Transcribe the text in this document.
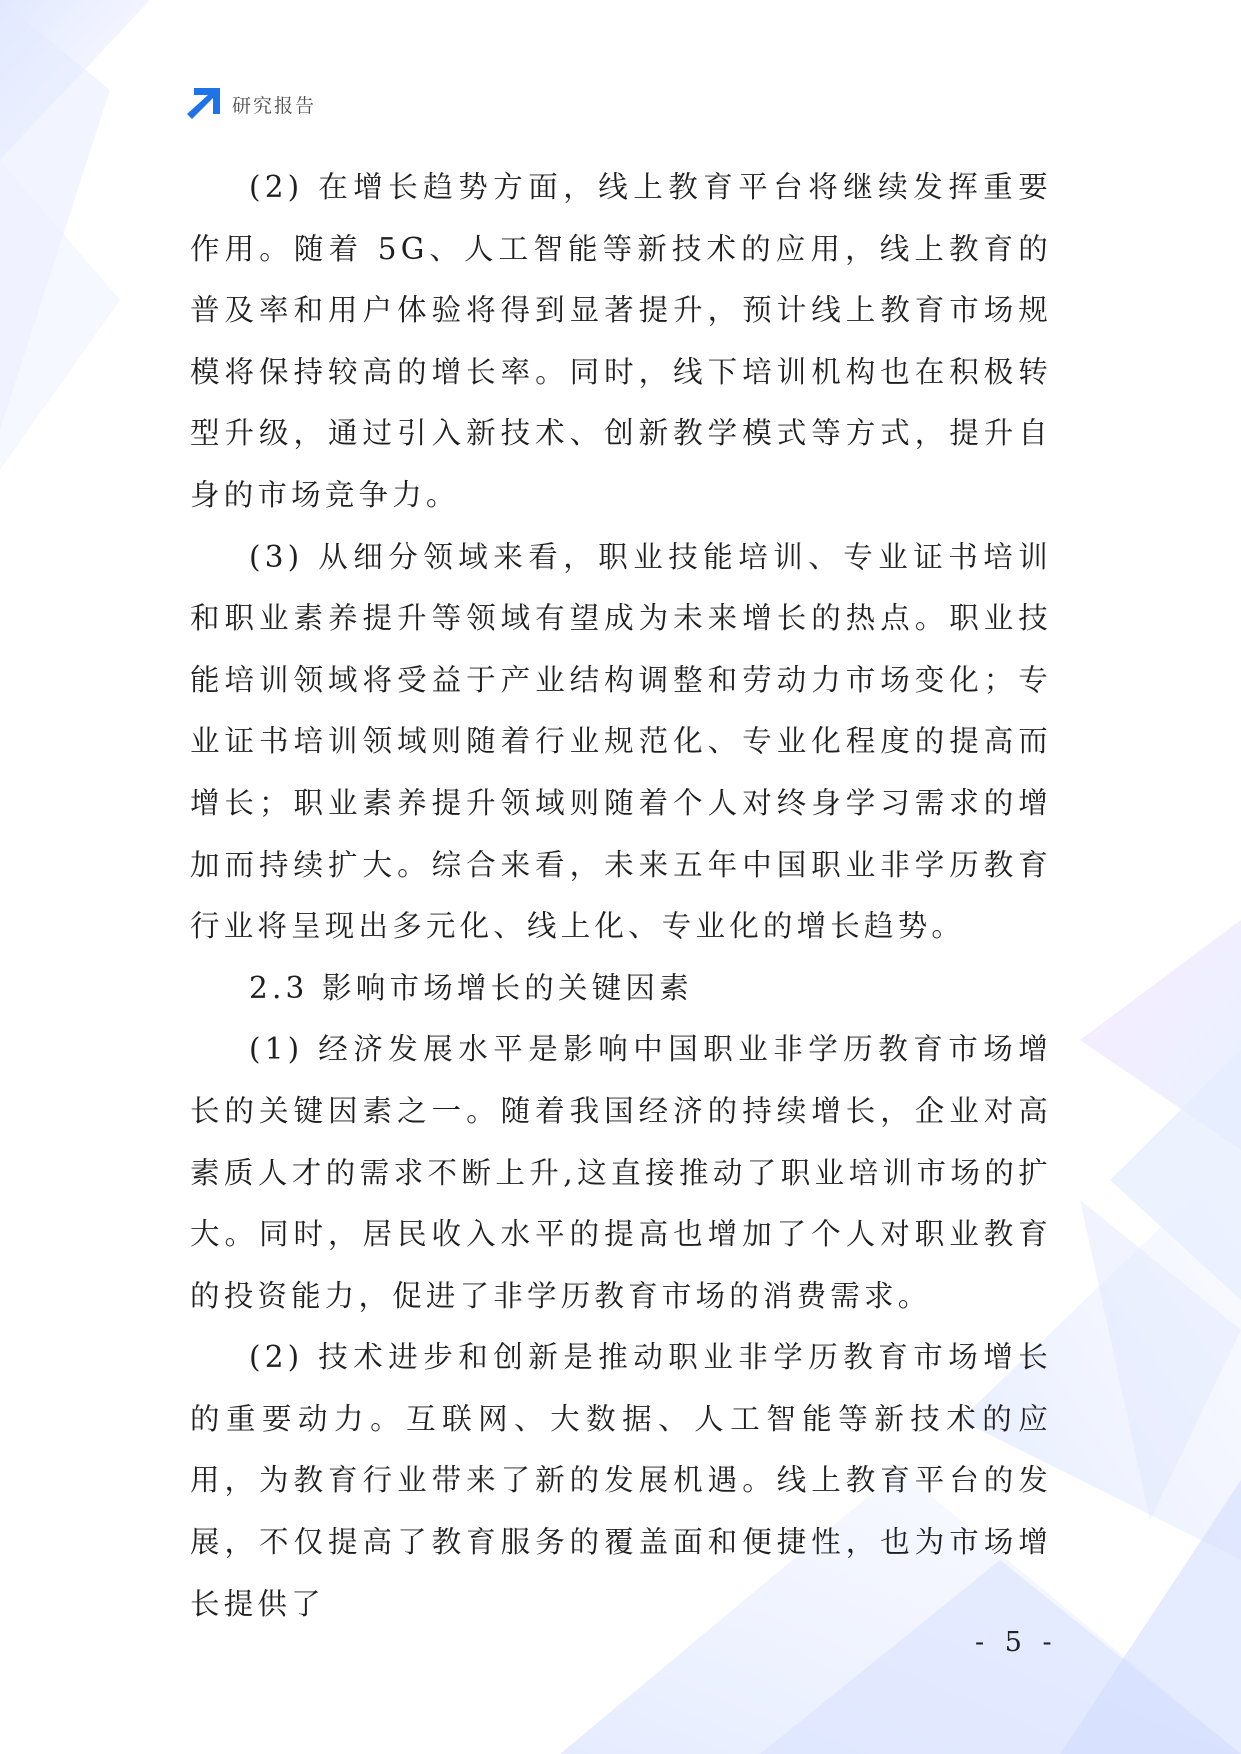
研究报告

(2) 在增长趋势方面，线上教育平台将继续发挥重要作用。随着 5G、人工智能等新技术的应用，线上教育的普及率和用户体验将得到显著提升，预计线上教育市场规模将保持较高的增长率。同时，线下培训机构也在积极转型升级，通过引入新技术、创新教学模式等方式，提升自身的市场竞争力。

(3) 从细分领域来看，职业技能培训、专业证书培训和职业素养提升等领域有望成为未来增长的热点。职业技能培训领域将受益于产业结构调整和劳动力市场变化；专业证书培训领域则随着行业规范化、专业化程度的提高而增长；职业素养提升领域则随着个人对终身学习需求的增加而持续扩大。综合来看，未来五年中国职业非学历教育行业将呈现出多元化、线上化、专业化的增长趋势。

2.3 影响市场增长的关键因素

(1) 经济发展水平是影响中国职业非学历教育市场增长的关键因素之一。随着我国经济的持续增长，企业对高素质人才的需求不断上升,这直接推动了职业培训市场的扩大。同时，居民收入水平的提高也增加了个人对职业教育的投资能力，促进了非学历教育市场的消费需求。

(2) 技术进步和创新是推动职业非学历教育市场增长的重要动力。互联网、大数据、人工智能等新技术的应用，为教育行业带来了新的发展机遇。线上教育平台的发展，不仅提高了教育服务的覆盖面和便捷性，也为市场增长提供了

- 5 -
